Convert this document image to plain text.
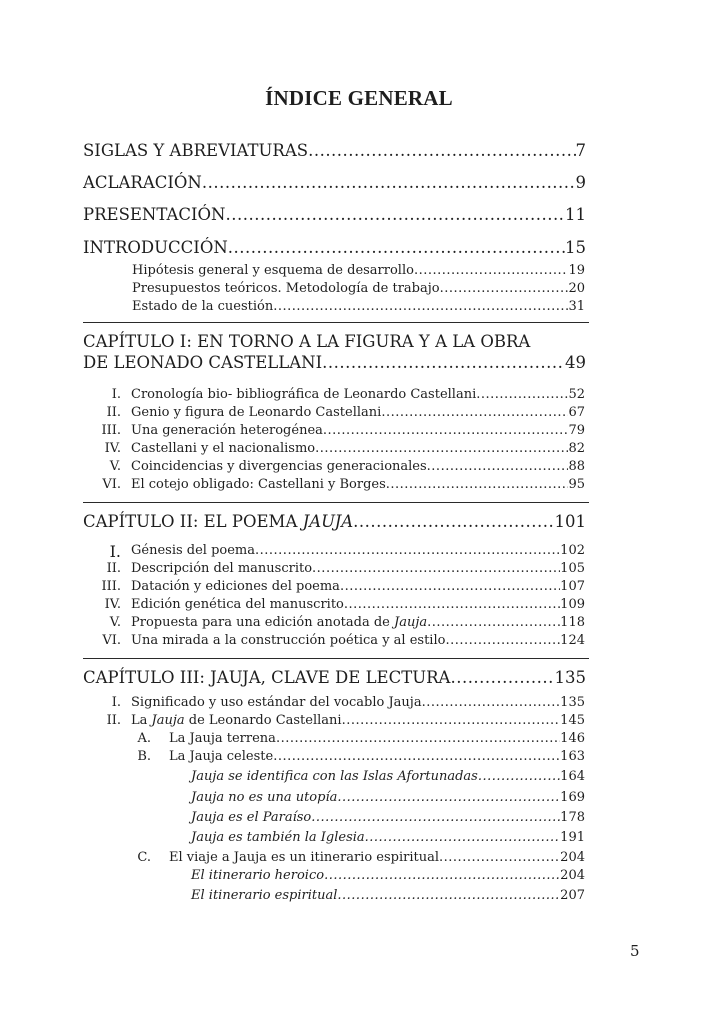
ÍNDICE GENERAL
SIGLAS Y ABREVIATURAS .....	7
ACLARACIÓN .....	9
PRESENTACIÓN .....	11
INTRODUCCIÓN .....	15
Hipótesis general y esquema de desarrollo .....	19
Presupuestos teóricos. Metodología de trabajo .....	20
Estado de la cuestión .....	31
CAPÍTULO I: EN TORNO A LA FIGURA Y A LA OBRA
DE LEONADO CASTELLANI .....	49
I. Cronología bio- bibliográfica de Leonardo Castellani .....	52
II. Genio y figura de Leonardo Castellani .....	67
III. Una generación heterogénea .....	79
IV. Castellani y el nacionalismo .....	82
V. Coincidencias y divergencias generacionales .....	88
VI. El cotejo obligado: Castellani y Borges .....	95
CAPÍTULO II: EL POEMA JAUJA .....	101
I. Génesis del poema .....	102
II. Descripción del manuscrito .....	105
III. Datación y ediciones del poema .....	107
IV. Edición genética del manuscrito .....	109
V. Propuesta para una edición anotada de Jauja .....	118
VI. Una mirada a la construcción poética y al estilo .....	124
CAPÍTULO III: JAUJA, CLAVE DE LECTURA .....	135
I. Significado y uso estándar del vocablo Jauja .....	135
II. La Jauja de Leonardo Castellani .....	145
A. La Jauja terrena .....	146
B. La Jauja celeste .....	163
Jauja se identifica con las Islas Afortunadas .....	164
Jauja no es una utopía .....	169
Jauja es el Paraíso .....	178
Jauja es también la Iglesia .....	191
C. El viaje a Jauja es un itinerario espiritual .....	204
El itinerario heroico .....	204
El itinerario espiritual .....	207
5
